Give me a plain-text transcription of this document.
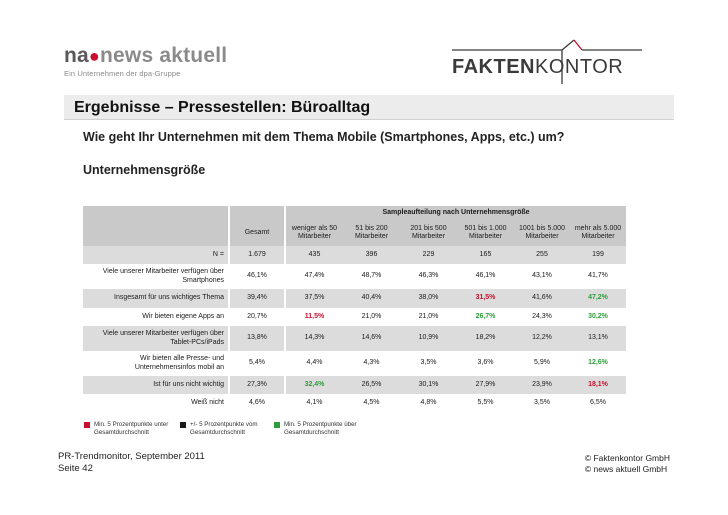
na●news aktuell
Ein Unternehmen der dpa-Gruppe	FAKTENKONTOR
Ergebnisse – Pressestellen: Büroalltag
Wie geht Ihr Unternehmen mit dem Thema Mobile (Smartphones, Apps, etc.) um?
Unternehmensgröße
				Sampleaufteilung nach Unternehmensgröße					
		Gesamt		weniger als 50 Mitarbeiter	51 bis 200 Mitarbeiter	201 bis 500 Mitarbeiter	501 bis 1.000 Mitarbeiter	1001 bis 5.000 Mitarbeiter	mehr als 5.000 Mitarbeiter
N =		1.679		435	396	229	165	255	199
Viele unserer Mitarbeiter verfügen über Smartphones		46,1%		47,4%	48,7%	46,3%	46,1%	43,1%	41,7%
Insgesamt für uns wichtiges Thema		39,4%		37,5%	40,4%	38,0%	31,5%	41,6%	47,2%
Wir bieten eigene Apps an		20,7%		11,5%	21,0%	21,0%	26,7%	24,3%	30,2%
Viele unserer Mitarbeiter verfügen über Tablet-PCs/iPads		13,8%		14,3%	14,6%	10,9%	18,2%	12,2%	13,1%
Wir bieten alle Presse- und Unternehmensinfos mobil an		5,4%		4,4%	4,3%	3,5%	3,6%	5,9%	12,6%
Ist für uns nicht wichtig		27,3%		32,4%	26,5%	30,1%	27,9%	23,9%	18,1%
Weiß nicht		4,6%		4,1%	4,5%	4,8%	5,5%	3,5%	6,5%
Min. 5 Prozentpunkte unter Gesamtdurchschnitt
+/- 5 Prozentpunkte vom Gesamtdurchschnitt
Min. 5 Prozentpunkte über Gesamtdurchschnitt
PR-Trendmonitor, September 2011
Seite 42
© Faktenkontor GmbH
© news aktuell GmbH
